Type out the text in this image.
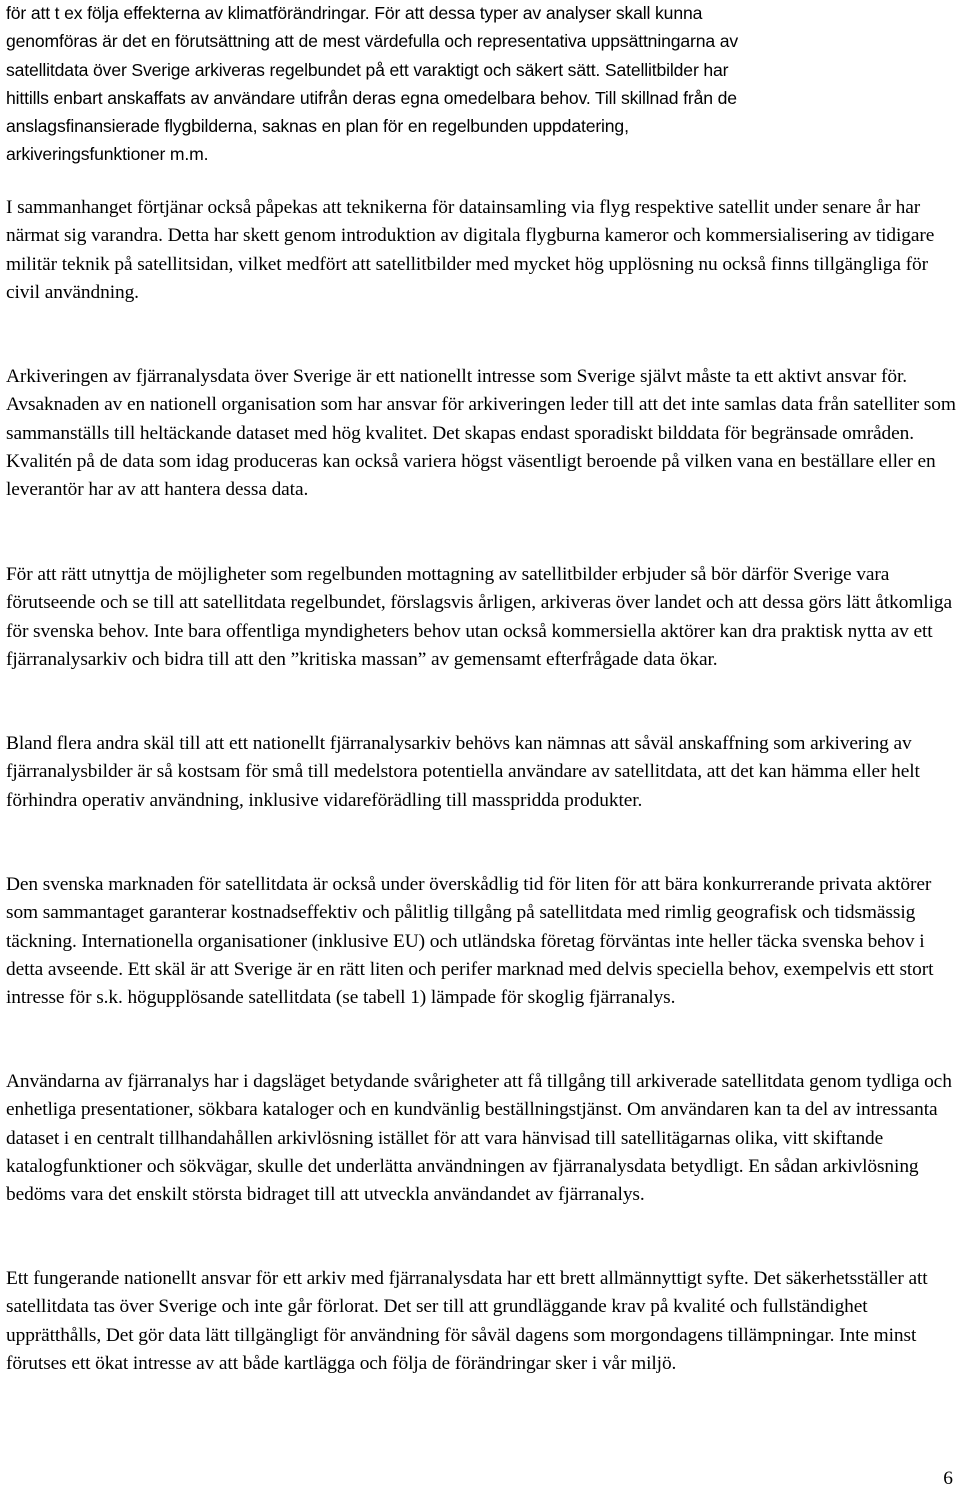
för att t ex följa effekterna av klimatförändringar. För att dessa typer av analyser skall kunna
genomföras är det en förutsättning att de mest värdefulla och representativa uppsättningarna av
satellitdata över Sverige arkiveras regelbundet på ett varaktigt och säkert sätt. Satellitbilder har
hittills enbart anskaffats av användare utifrån deras egna omedelbara behov. Till skillnad från de
anslagsfinansierade flygbilderna, saknas en plan för en regelbunden uppdatering,
arkiveringsfunktioner m.m.

I sammanhanget förtjänar också påpekas att teknikerna för datainsamling via flyg respektive satellit under senare år har närmat sig varandra. Detta har skett genom introduktion av digitala flygburna kameror och kommersialisering av tidigare militär teknik på satellitsidan, vilket medfört att satellitbilder med mycket hög upplösning nu också finns tillgängliga för civil användning.

Arkiveringen av fjärranalysdata över Sverige är ett nationellt intresse som Sverige självt måste ta ett aktivt ansvar för. Avsaknaden av en nationell organisation som har ansvar för arkiveringen leder till att det inte samlas data från satelliter som sammanställs till heltäckande dataset med hög kvalitet. Det skapas endast sporadiskt bilddata för begränsade områden. Kvalitén på de data som idag produceras kan också variera högst väsentligt beroende på vilken vana en beställare eller en leverantör har av att hantera dessa data.

För att rätt utnyttja de möjligheter som regelbunden mottagning av satellitbilder erbjuder så bör därför Sverige vara förutseende och se till att satellitdata regelbundet, förslagsvis årligen, arkiveras över landet och att dessa görs lätt åtkomliga för svenska behov. Inte bara offentliga myndigheters behov utan också kommersiella aktörer kan dra praktisk nytta av ett fjärranalysarkiv och bidra till att den ”kritiska massan” av gemensamt efterfrågade data ökar.

Bland flera andra skäl till att ett nationellt fjärranalysarkiv behövs kan nämnas att såväl anskaffning som arkivering av fjärranalysbilder är så kostsam för små till medelstora potentiella användare av satellitdata, att det kan hämma eller helt förhindra operativ användning, inklusive vidareförädling till masspridda produkter.

Den svenska marknaden för satellitdata är också under överskådlig tid för liten för att bära konkurrerande privata aktörer som sammantaget garanterar kostnadseffektiv och pålitlig tillgång på satellitdata med rimlig geografisk och tidsmässig täckning. Internationella organisationer (inklusive EU) och utländska företag förväntas inte heller täcka svenska behov i detta avseende. Ett skäl är att Sverige är en rätt liten och perifer marknad med delvis speciella behov, exempelvis ett stort intresse för s.k. högupplösande satellitdata (se tabell 1) lämpade för skoglig fjärranalys.

Användarna av fjärranalys har i dagsläget betydande svårigheter att få tillgång till arkiverade satellitdata genom tydliga och enhetliga presentationer, sökbara kataloger och en kundvänlig beställningstjänst. Om användaren kan ta del av intressanta dataset i en centralt tillhandahållen arkivlösning istället för att vara hänvisad till satellitägarnas olika, vitt skiftande katalogfunktioner och sökvägar, skulle det underlätta användningen av fjärranalysdata betydligt. En sådan arkivlösning bedöms vara det enskilt största bidraget till att utveckla användandet av fjärranalys.

Ett fungerande nationellt ansvar för ett arkiv med fjärranalysdata har ett brett allmännyttigt syfte. Det säkerhetsställer att satellitdata tas över Sverige och inte går förlorat. Det ser till att grundläggande krav på kvalité och fullständighet upprätthålls, Det gör data lätt tillgängligt för användning för såväl dagens som morgondagens tillämpningar. Inte minst förutses ett ökat intresse av att både kartlägga och följa de förändringar sker i vår miljö.

6
